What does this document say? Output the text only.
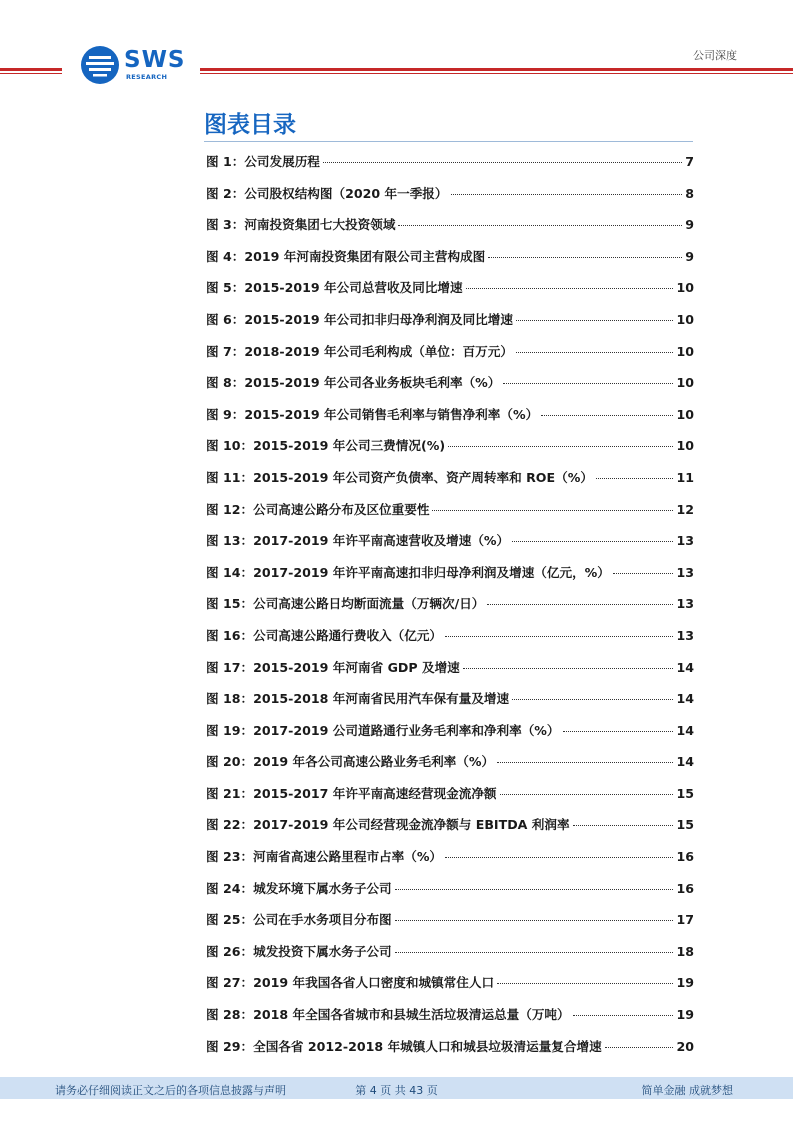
SWS
RESEARCH
公司深度
图表目录
图 1：公司发展历程	7
图 2：公司股权结构图（2020 年一季报）	8
图 3：河南投资集团七大投资领域	9
图 4：2019 年河南投资集团有限公司主营构成图	9
图 5：2015-2019 年公司总营收及同比增速	10
图 6：2015-2019 年公司扣非归母净利润及同比增速	10
图 7：2018-2019 年公司毛利构成（单位：百万元）	10
图 8：2015-2019 年公司各业务板块毛利率（%）	10
图 9：2015-2019 年公司销售毛利率与销售净利率（%）	10
图 10：2015-2019 年公司三费情况(%)	10
图 11：2015-2019 年公司资产负债率、资产周转率和 ROE（%）	11
图 12：公司高速公路分布及区位重要性	12
图 13：2017-2019 年许平南高速营收及增速（%）	13
图 14：2017-2019 年许平南高速扣非归母净利润及增速（亿元，%）	13
图 15：公司高速公路日均断面流量（万辆次/日）	13
图 16：公司高速公路通行费收入（亿元）	13
图 17：2015-2019 年河南省 GDP 及增速	14
图 18：2015-2018 年河南省民用汽车保有量及增速	14
图 19：2017-2019 公司道路通行业务毛利率和净利率（%）	14
图 20：2019 年各公司高速公路业务毛利率（%）	14
图 21：2015-2017 年许平南高速经营现金流净额	15
图 22：2017-2019 年公司经营现金流净额与 EBITDA 利润率	15
图 23：河南省高速公路里程市占率（%）	16
图 24：城发环境下属水务子公司	16
图 25：公司在手水务项目分布图	17
图 26：城发投资下属水务子公司	18
图 27：2019 年我国各省人口密度和城镇常住人口	19
图 28：2018 年全国各省城市和县城生活垃圾清运总量（万吨）	19
图 29：全国各省 2012-2018 年城镇人口和城县垃圾清运量复合增速	20
请务必仔细阅读正文之后的各项信息披露与声明	第 4 页 共 43 页	简单金融 成就梦想
